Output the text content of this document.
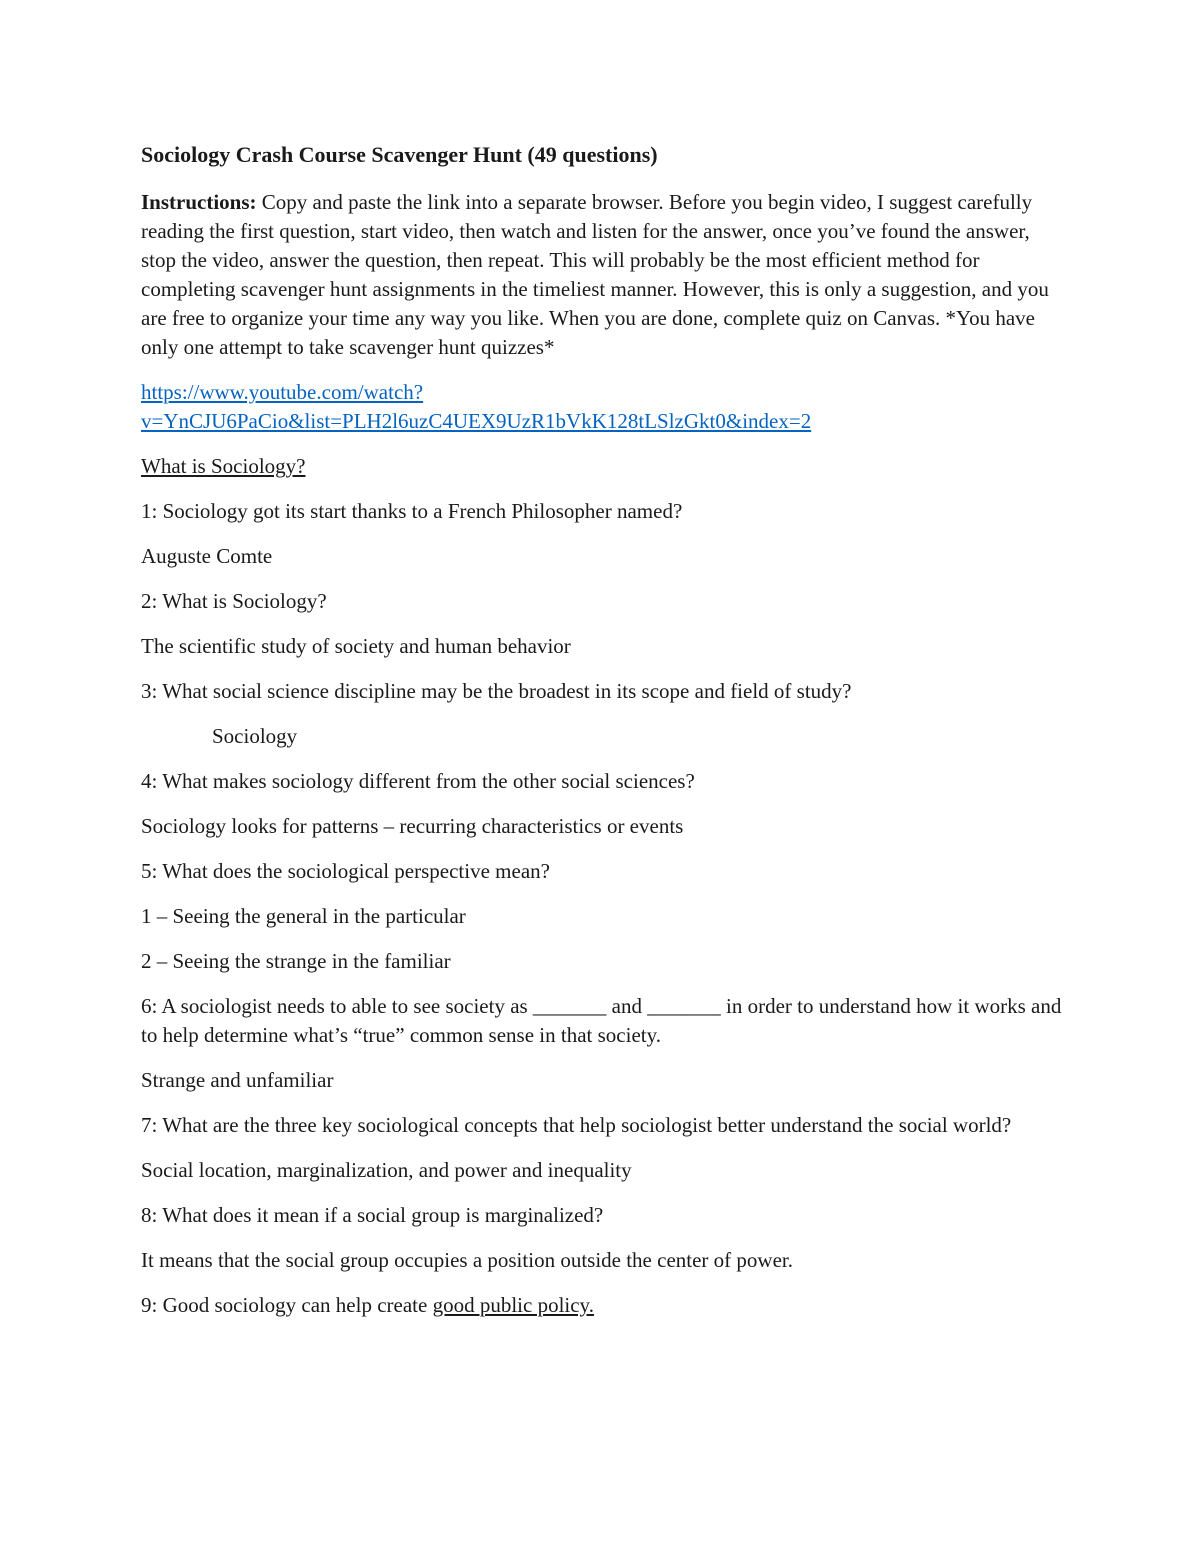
Sociology Crash Course Scavenger Hunt (49 questions)

Instructions: Copy and paste the link into a separate browser. Before you begin video, I suggest carefully reading the first question, start video, then watch and listen for the answer, once you’ve found the answer, stop the video, answer the question, then repeat. This will probably be the most efficient method for completing scavenger hunt assignments in the timeliest manner. However, this is only a suggestion, and you are free to organize your time any way you like. When you are done, complete quiz on Canvas. *You have only one attempt to take scavenger hunt quizzes*

https://www.youtube.com/watch?
v=YnCJU6PaCio&list=PLH2l6uzC4UEX9UzR1bVkK128tLSlzGkt0&index=2

What is Sociology?

1: Sociology got its start thanks to a French Philosopher named?

Auguste Comte

2: What is Sociology?

The scientific study of society and human behavior

3: What social science discipline may be the broadest in its scope and field of study?

Sociology

4: What makes sociology different from the other social sciences?

Sociology looks for patterns – recurring characteristics or events

5: What does the sociological perspective mean?

1 – Seeing the general in the particular

2 – Seeing the strange in the familiar

6: A sociologist needs to able to see society as _______ and _______ in order to understand how it works and to help determine what’s “true” common sense in that society.

Strange and unfamiliar

7: What are the three key sociological concepts that help sociologist better understand the social world?

Social location, marginalization, and power and inequality

8: What does it mean if a social group is marginalized?

It means that the social group occupies a position outside the center of power.

9: Good sociology can help create good public policy.
